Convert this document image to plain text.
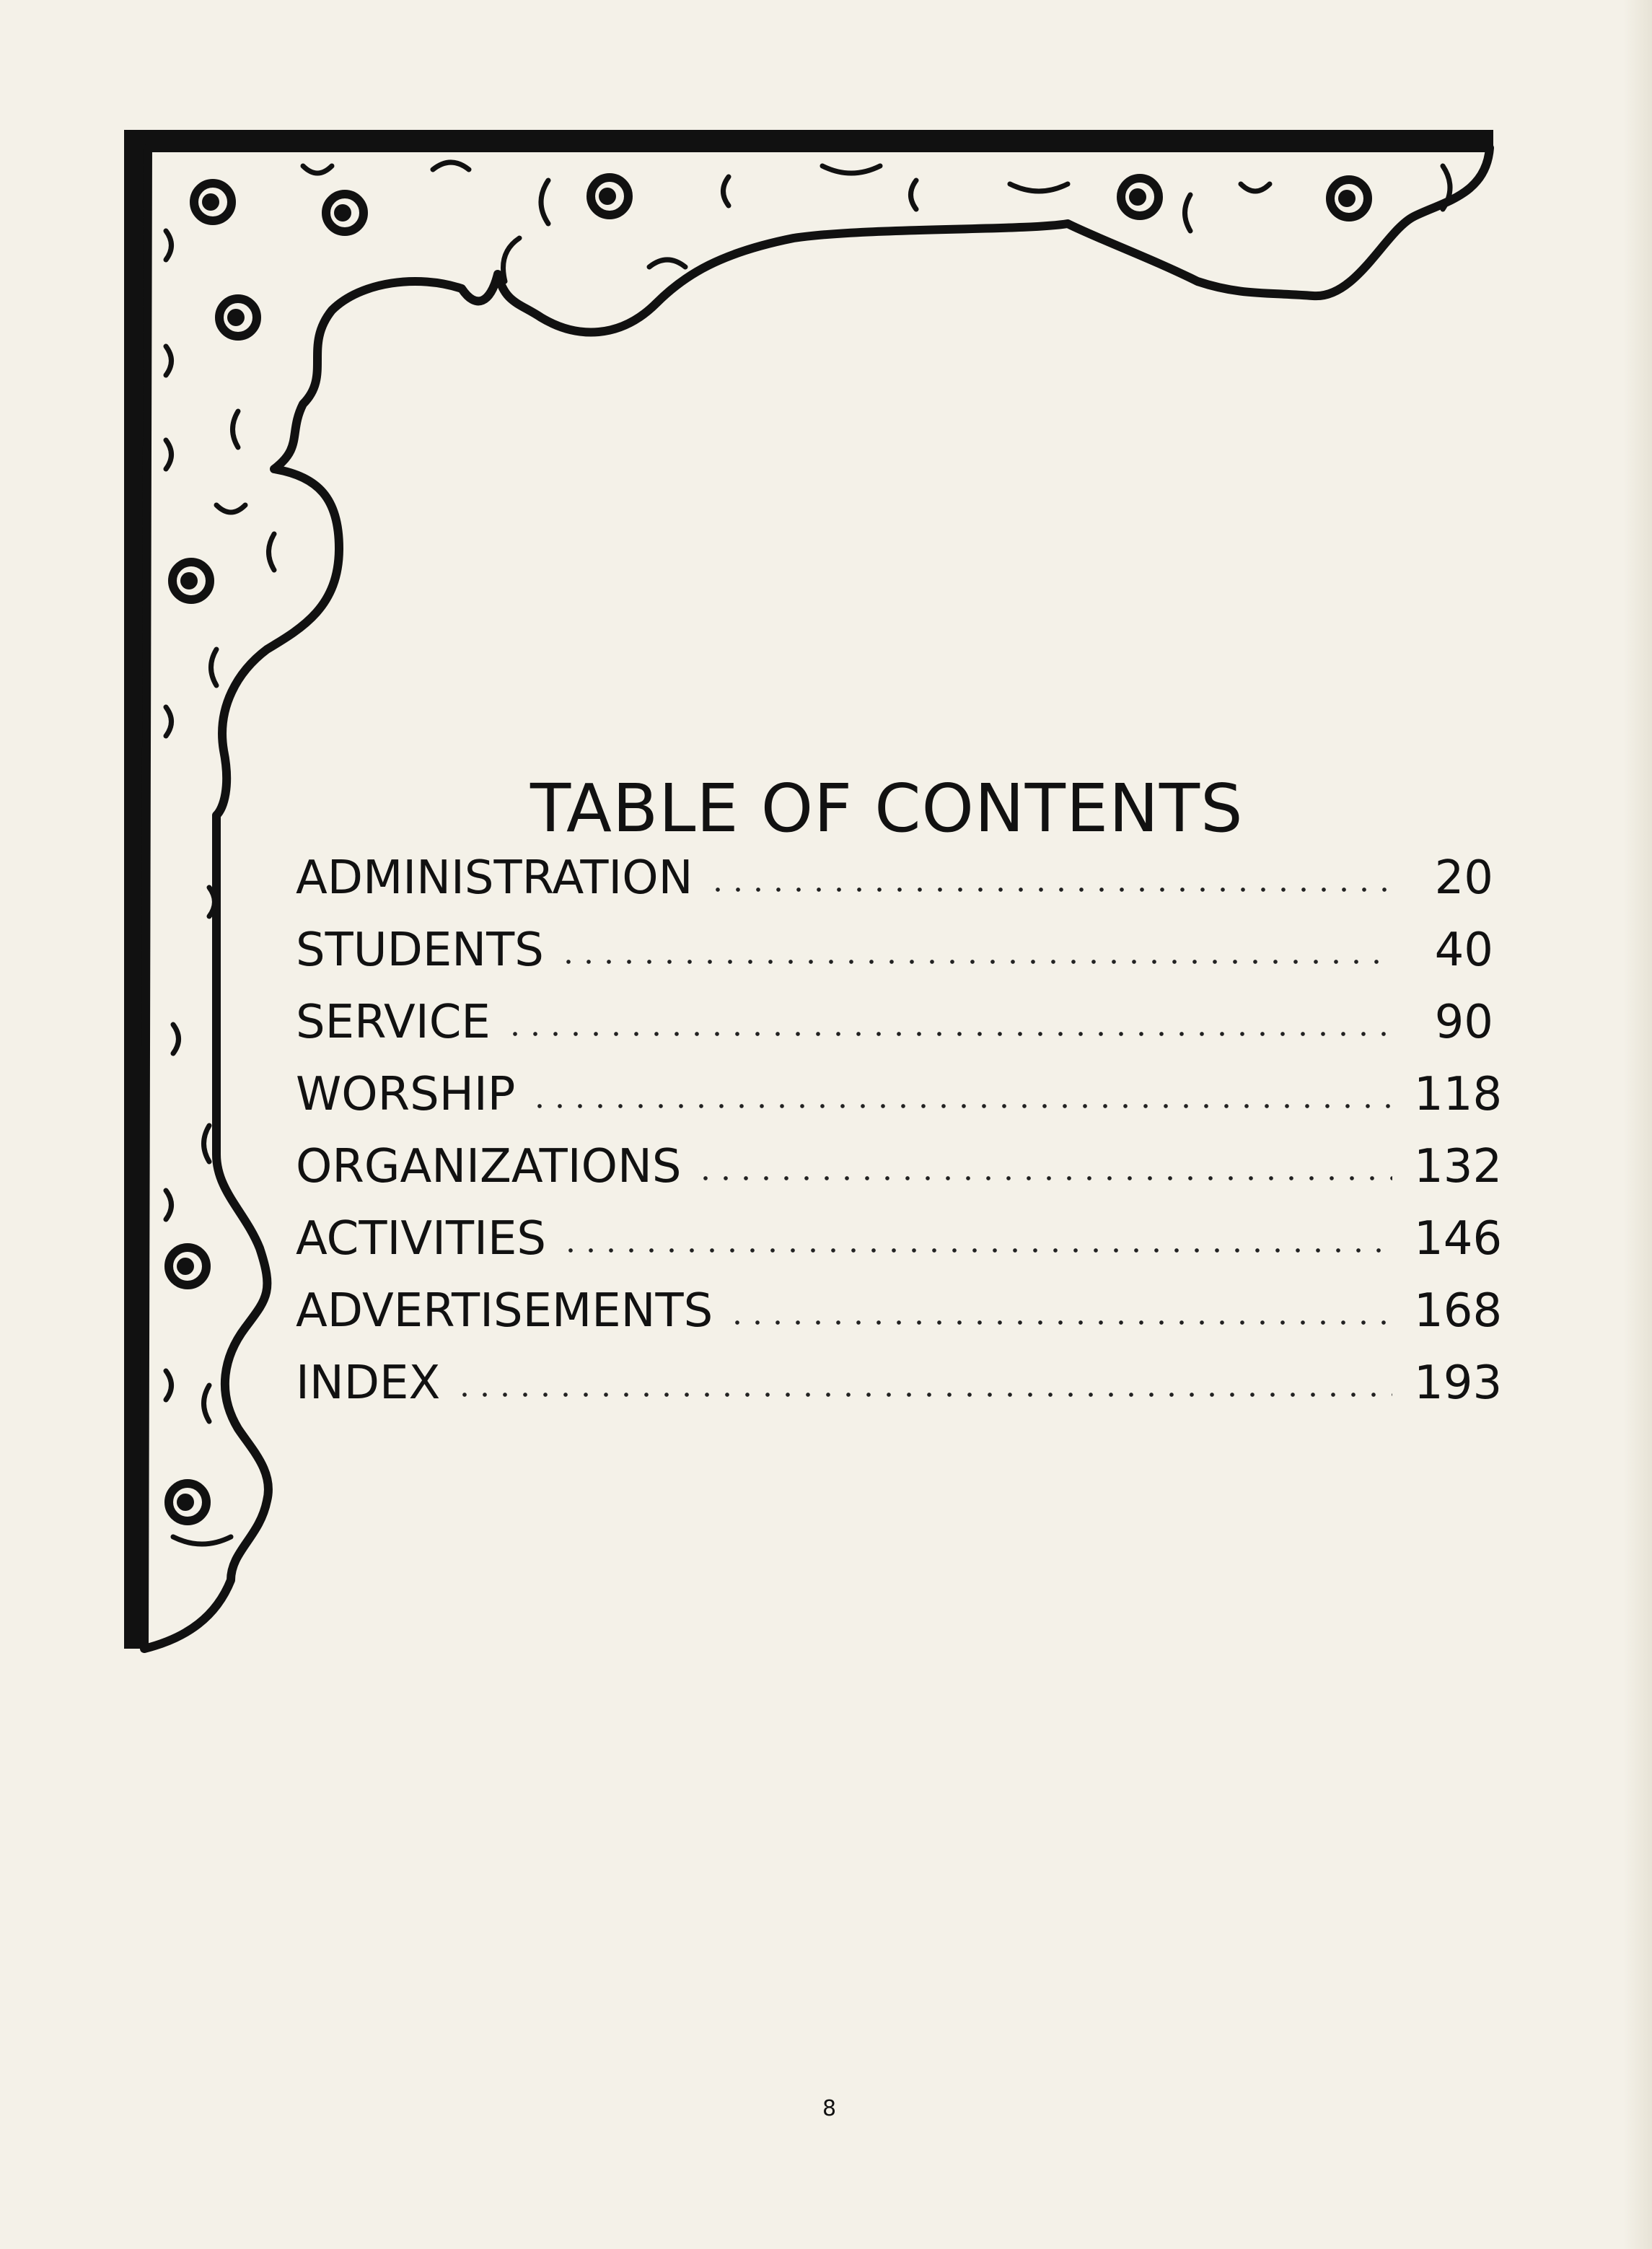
TABLE OF CONTENTS
ADMINISTRATION	20
STUDENTS	40
SERVICE	90
WORSHIP	118
ORGANIZATIONS	132
ACTIVITIES	146
ADVERTISEMENTS	168
INDEX	193
8
